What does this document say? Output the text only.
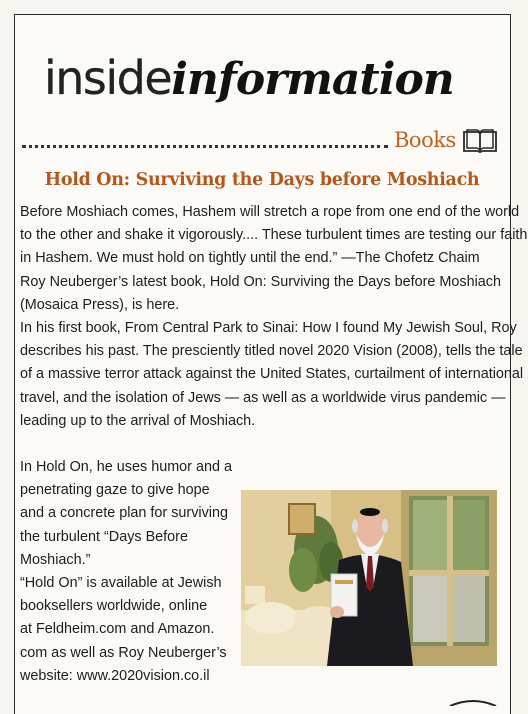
insideinformation
Books
Hold On: Surviving the Days before Moshiach

Before Moshiach comes, Hashem will stretch a rope from one end of the world

to the other and shake it vigorously.... These turbulent times are testing our faith

in Hashem. We must hold on tightly until the end.” —The Chofetz Chaim

Roy Neuberger’s latest book, Hold On: Surviving the Days before Moshiach

(Mosaica Press), is here.

In his first book, From Central Park to Sinai: How I found My Jewish Soul, Roy

describes his past. The presciently titled novel 2020 Vision (2008), tells the tale

of a massive terror attack against the United States, curtailment of international

travel, and the isolation of Jews — as well as a worldwide virus pandemic —

leading up to the arrival of Moshiach.

In Hold On, he uses humor and a

penetrating gaze to give hope

and a concrete plan for surviving

the turbulent “Days Before

Moshiach.”

“Hold On” is available at Jewish

booksellers worldwide, online

at Feldheim.com and Amazon.

com as well as Roy Neuberger’s

website: www.2020vision.co.il
